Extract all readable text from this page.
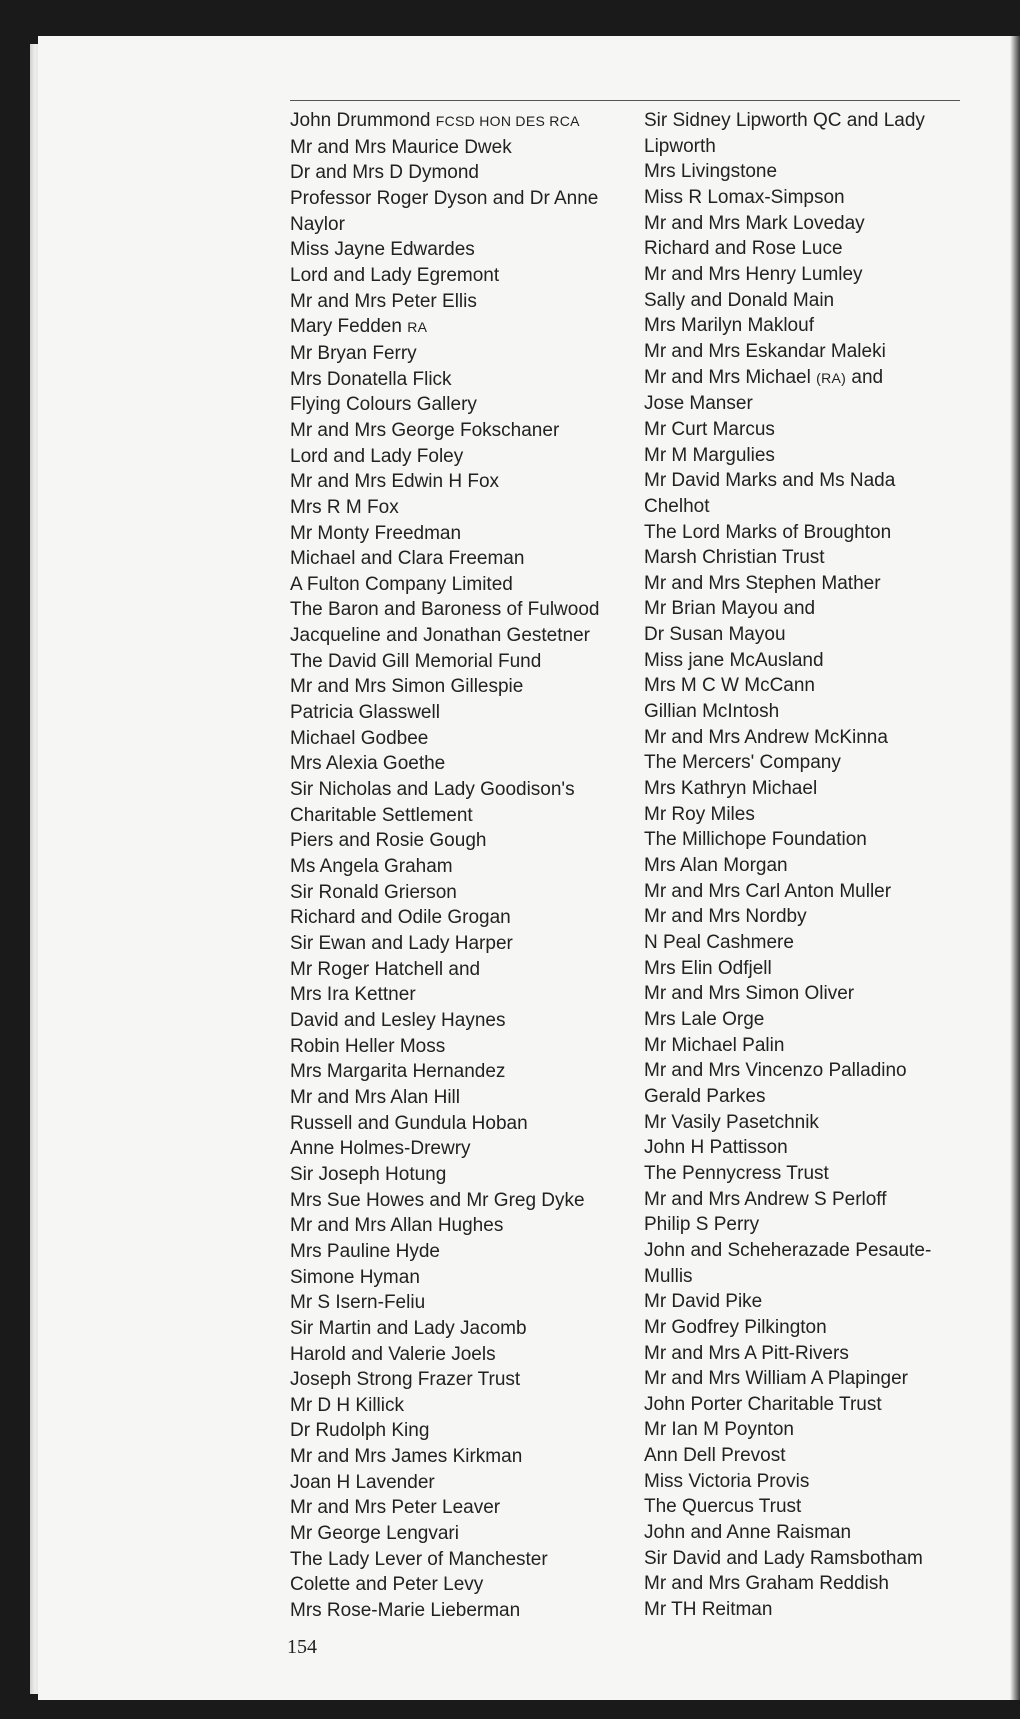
John Drummond FCSD HON DES RCA
Mr and Mrs Maurice Dwek
Dr and Mrs D Dymond
Professor Roger Dyson and Dr Anne
Naylor
Miss Jayne Edwardes
Lord and Lady Egremont
Mr and Mrs Peter Ellis
Mary Fedden RA
Mr Bryan Ferry
Mrs Donatella Flick
Flying Colours Gallery
Mr and Mrs George Fokschaner
Lord and Lady Foley
Mr and Mrs Edwin H Fox
Mrs R M Fox
Mr Monty Freedman
Michael and Clara Freeman
A Fulton Company Limited
The Baron and Baroness of Fulwood
Jacqueline and Jonathan Gestetner
The David Gill Memorial Fund
Mr and Mrs Simon Gillespie
Patricia Glasswell
Michael Godbee
Mrs Alexia Goethe
Sir Nicholas and Lady Goodison's
Charitable Settlement
Piers and Rosie Gough
Ms Angela Graham
Sir Ronald Grierson
Richard and Odile Grogan
Sir Ewan and Lady Harper
Mr Roger Hatchell and
Mrs Ira Kettner
David and Lesley Haynes
Robin Heller Moss
Mrs Margarita Hernandez
Mr and Mrs Alan Hill
Russell and Gundula Hoban
Anne Holmes-Drewry
Sir Joseph Hotung
Mrs Sue Howes and Mr Greg Dyke
Mr and Mrs Allan Hughes
Mrs Pauline Hyde
Simone Hyman
Mr S Isern-Feliu
Sir Martin and Lady Jacomb
Harold and Valerie Joels
Joseph Strong Frazer Trust
Mr D H Killick
Dr Rudolph King
Mr and Mrs James Kirkman
Joan H Lavender
Mr and Mrs Peter Leaver
Mr George Lengvari
The Lady Lever of Manchester
Colette and Peter Levy
Mrs Rose-Marie Lieberman
Sir Sidney Lipworth QC and Lady
Lipworth
Mrs Livingstone
Miss R Lomax-Simpson
Mr and Mrs Mark Loveday
Richard and Rose Luce
Mr and Mrs Henry Lumley
Sally and Donald Main
Mrs Marilyn Maklouf
Mr and Mrs Eskandar Maleki
Mr and Mrs Michael (RA) and
Jose Manser
Mr Curt Marcus
Mr M Margulies
Mr David Marks and Ms Nada
Chelhot
The Lord Marks of Broughton
Marsh Christian Trust
Mr and Mrs Stephen Mather
Mr Brian Mayou and
Dr Susan Mayou
Miss jane McAusland
Mrs M C W McCann
Gillian McIntosh
Mr and Mrs Andrew McKinna
The Mercers' Company
Mrs Kathryn Michael
Mr Roy Miles
The Millichope Foundation
Mrs Alan Morgan
Mr and Mrs Carl Anton Muller
Mr and Mrs Nordby
N Peal Cashmere
Mrs Elin Odfjell
Mr and Mrs Simon Oliver
Mrs Lale Orge
Mr Michael Palin
Mr and Mrs Vincenzo Palladino
Gerald Parkes
Mr Vasily Pasetchnik
John H Pattisson
The Pennycress Trust
Mr and Mrs Andrew S Perloff
Philip S Perry
John and Scheherazade Pesaute-
Mullis
Mr David Pike
Mr Godfrey Pilkington
Mr and Mrs A Pitt-Rivers
Mr and Mrs William A Plapinger
John Porter Charitable Trust
Mr Ian M Poynton
Ann Dell Prevost
Miss Victoria Provis
The Quercus Trust
John and Anne Raisman
Sir David and Lady Ramsbotham
Mr and Mrs Graham Reddish
Mr TH Reitman
154
